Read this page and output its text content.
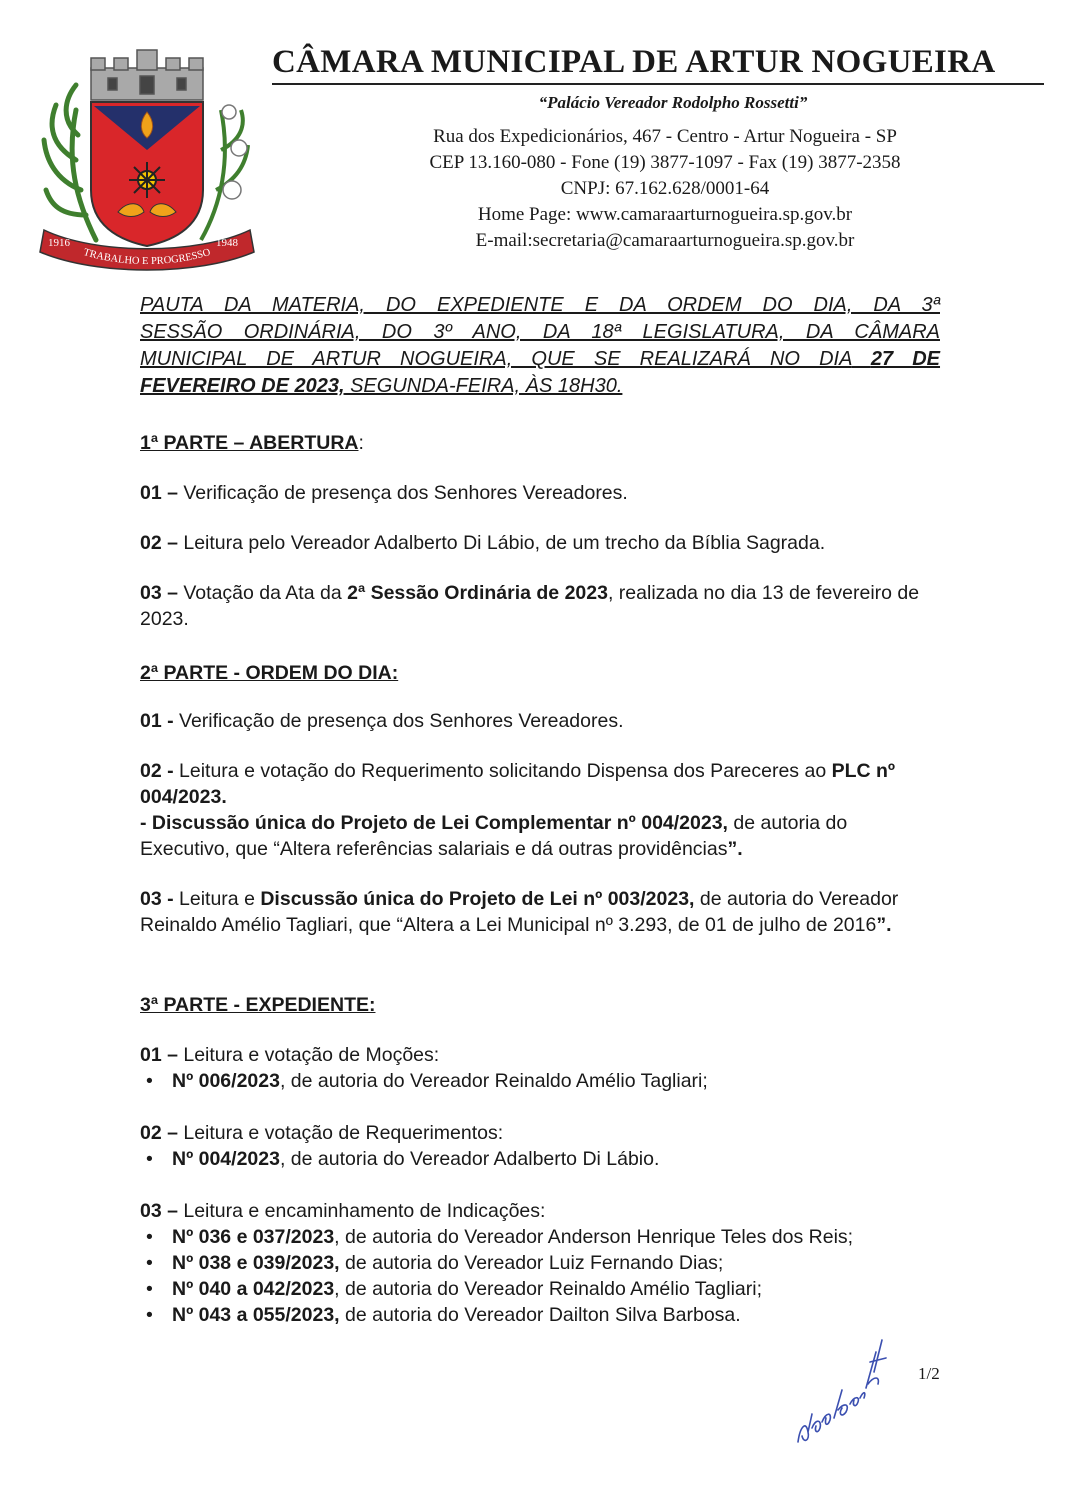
1916	1948
TRABALHO E PROGRESSO
CÂMARA MUNICIPAL DE ARTUR NOGUEIRA
“Palácio Vereador Rodolpho Rossetti”
Rua dos Expedicionários, 467 - Centro - Artur Nogueira - SP
CEP 13.160-080 - Fone (19) 3877-1097 - Fax (19) 3877-2358
CNPJ: 67.162.628/0001-64
Home Page: www.camaraarturnogueira.sp.gov.br
E-mail:secretaria@camaraarturnogueira.sp.gov.br
PAUTA DA MATERIA, DO EXPEDIENTE E DA ORDEM DO DIA, DA 3ª
SESSÃO ORDINÁRIA, DO 3º ANO, DA 18ª LEGISLATURA, DA CÂMARA
MUNICIPAL DE ARTUR NOGUEIRA, QUE SE REALIZARÁ NO DIA 27 DE
FEVEREIRO DE 2023, SEGUNDA-FEIRA, ÀS 18H30.
1ª PARTE – ABERTURA:
01 – Verificação de presença dos Senhores Vereadores.
02 – Leitura pelo Vereador Adalberto Di Lábio, de um trecho da Bíblia Sagrada.
03 – Votação da Ata da 2ª Sessão Ordinária de 2023, realizada no dia 13 de fevereiro de 2023.
2ª PARTE - ORDEM DO DIA:
01 - Verificação de presença dos Senhores Vereadores.
02 - Leitura e votação do Requerimento solicitando Dispensa dos Pareceres ao PLC nº 004/2023.
- Discussão única do Projeto de Lei Complementar nº 004/2023, de autoria do Executivo, que “Altera referências salariais e dá outras providências”.
03 - Leitura e Discussão única do Projeto de Lei nº 003/2023, de autoria do Vereador Reinaldo Amélio Tagliari, que “Altera a Lei Municipal nº 3.293, de 01 de julho de 2016”.
3ª PARTE - EXPEDIENTE:
01 – Leitura e votação de Moções:
• Nº 006/2023, de autoria do Vereador Reinaldo Amélio Tagliari;
02 – Leitura e votação de Requerimentos:
• Nº 004/2023, de autoria do Vereador Adalberto Di Lábio.
03 – Leitura e encaminhamento de Indicações:
• Nº 036 e 037/2023, de autoria do Vereador Anderson Henrique Teles dos Reis;
• Nº 038 e 039/2023, de autoria do Vereador Luiz Fernando Dias;
• Nº 040 a 042/2023, de autoria do Vereador Reinaldo Amélio Tagliari;
• Nº 043 a 055/2023, de autoria do Vereador Dailton Silva Barbosa.
1/2
